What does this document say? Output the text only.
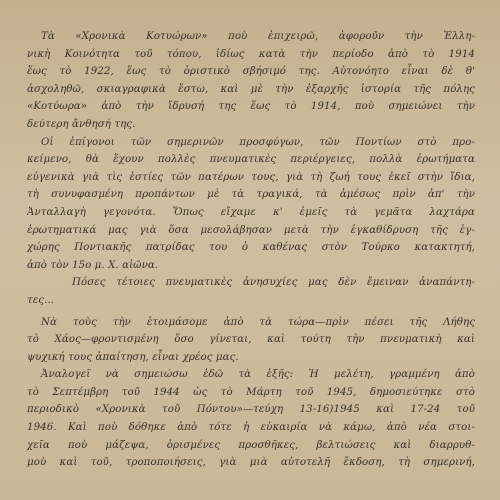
Τὰ «Χρονικὰ Κοτυώρων» ποὺ ἐπιχειρῶ, ἀφοροῦν τὴν Ἑλλη-
νικὴ Κοινότητα τοῦ τόπου, ἰδίως κατὰ τὴν περίοδο ἀπὸ τὸ 1914
ἕως τὸ 1922, ἕως τὸ ὁριστικὸ σβήσιμό της. Αὐτονόητο εἶναι δὲ θ'
ἀσχοληθῶ, σκιαγραφικὰ ἔστω, καὶ μὲ τὴν ἐξαρχῆς ἱστορία τῆς πόλης
«Κοτύωρα» ἀπὸ τὴν ἵδρυσή της ἕως τὸ 1914, ποὺ σημειώνει τὴν
δεύτερη ἄνθησή της.
Οἱ ἐπίγονοι τῶν σημερινῶν προσφύγων, τῶν Ποντίων στὸ προ-
κείμενο, θὰ ἔχουν πολλὲς πνευματικὲς περιέργειες, πολλὰ ἐρωτήματα
εὐγενικὰ γιὰ τὶς ἐστίες τῶν πατέρων τους, γιὰ τὴ ζωή τους ἐκεῖ στὴν ἴδια,
τὴ συνυφασμένη προπάντων μὲ τὰ τραγικά, τὰ ἀμέσως πρὶν ἀπ' τὴν
Ἀνταλλαγὴ γεγονότα. Ὅπως εἴχαμε κ' ἐμεῖς τὰ γεμᾶτα λαχτάρα
ἐρωτηματικά μας γιὰ ὅσα μεσολάβησαν μετὰ τὴν ἐγκαθίδρυση τῆς ἐγ-
χώρης Ποντιακῆς πατρίδας του ὁ καθένας στὸν Τούρκο κατακτητή,
ἀπὸ τὸν 15ο μ. Χ. αἰῶνα.
Πόσες τέτοιες πνευματικὲς ἀνησυχίες μας δὲν ἔμειναν ἀναπάντη-
τες...
Νὰ τοὺς τὴν ἑτοιμάσομε ἀπὸ τὰ τώρα—πρὶν πέσει τῆς Λήθης
τὸ Χάος—φροντισμένη ὅσο γίνεται, καὶ τούτη τὴν πνευματικὴ καὶ
ψυχική τους ἀπαίτηση, εἶναι χρέος μας.
Ἀναλογεῖ νὰ σημειώσω ἐδῶ τὰ ἑξῆς: Ἡ μελέτη, γραμμένη ἀπὸ
τὸ Σεπτέμβρη τοῦ 1944 ὡς τὸ Μάρτη τοῦ 1945, δημοσιεύτηκε στὸ
περιοδικὸ «Χρονικὰ τοῦ Πόντου»—τεύχη 13-16)1945 καὶ 17-24 τοῦ
1946. Καὶ ποὺ δόθηκε ἀπὸ τότε ἡ εὐκαιρία νὰ κάμω, ἀπὸ νέα στοι-
χεῖα ποὺ μάζεψα, ὁρισμένες προσθῆκες, βελτιώσεις καὶ διαρρυθ-
μοὺ καὶ τοῦ, τροποποιήσεις, γιὰ μιὰ αὐτοτελῆ ἔκδοση, τὴ σημερινή,
